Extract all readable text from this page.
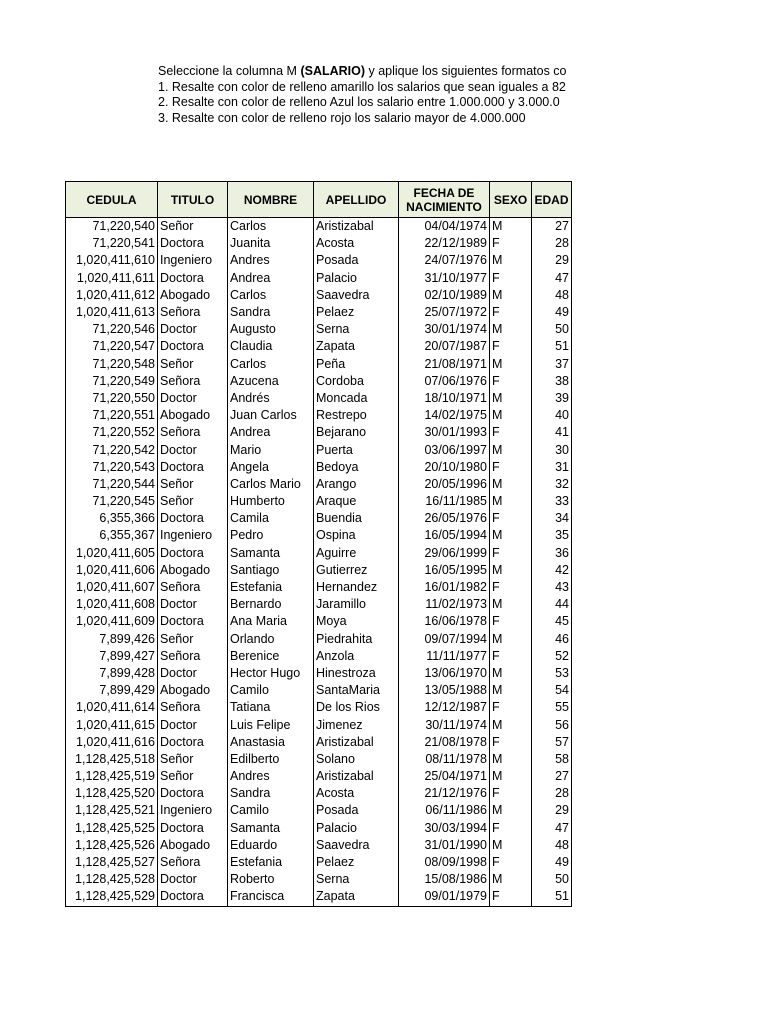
Seleccione la columna M (SALARIO) y aplique los siguientes formatos co
1. Resalte con color de relleno amarillo los salarios que sean iguales a 82
2. Resalte con color de relleno Azul los salario entre 1.000.000 y 3.000.0
3. Resalte con color de relleno rojo los salario mayor de 4.000.000
CEDULA	TITULO	NOMBRE	APELLIDO	FECHA DE NACIMIENTO	SEXO	EDAD
71,220,540	Señor	Carlos	Aristizabal	04/04/1974	M	27
71,220,541	Doctora	Juanita	Acosta	22/12/1989	F	28
1,020,411,610	Ingeniero	Andres	Posada	24/07/1976	M	29
1,020,411,611	Doctora	Andrea	Palacio	31/10/1977	F	47
1,020,411,612	Abogado	Carlos	Saavedra	02/10/1989	M	48
1,020,411,613	Señora	Sandra	Pelaez	25/07/1972	F	49
71,220,546	Doctor	Augusto	Serna	30/01/1974	M	50
71,220,547	Doctora	Claudia	Zapata	20/07/1987	F	51
71,220,548	Señor	Carlos	Peña	21/08/1971	M	37
71,220,549	Señora	Azucena	Cordoba	07/06/1976	F	38
71,220,550	Doctor	Andrés	Moncada	18/10/1971	M	39
71,220,551	Abogado	Juan Carlos	Restrepo	14/02/1975	M	40
71,220,552	Señora	Andrea	Bejarano	30/01/1993	F	41
71,220,542	Doctor	Mario	Puerta	03/06/1997	M	30
71,220,543	Doctora	Angela	Bedoya	20/10/1980	F	31
71,220,544	Señor	Carlos Mario	Arango	20/05/1996	M	32
71,220,545	Señor	Humberto	Araque	16/11/1985	M	33
6,355,366	Doctora	Camila	Buendia	26/05/1976	F	34
6,355,367	Ingeniero	Pedro	Ospina	16/05/1994	M	35
1,020,411,605	Doctora	Samanta	Aguirre	29/06/1999	F	36
1,020,411,606	Abogado	Santiago	Gutierrez	16/05/1995	M	42
1,020,411,607	Señora	Estefania	Hernandez	16/01/1982	F	43
1,020,411,608	Doctor	Bernardo	Jaramillo	11/02/1973	M	44
1,020,411,609	Doctora	Ana Maria	Moya	16/06/1978	F	45
7,899,426	Señor	Orlando	Piedrahita	09/07/1994	M	46
7,899,427	Señora	Berenice	Anzola	11/11/1977	F	52
7,899,428	Doctor	Hector Hugo	Hinestroza	13/06/1970	M	53
7,899,429	Abogado	Camilo	SantaMaria	13/05/1988	M	54
1,020,411,614	Señora	Tatiana	De los Rios	12/12/1987	F	55
1,020,411,615	Doctor	Luis Felipe	Jimenez	30/11/1974	M	56
1,020,411,616	Doctora	Anastasia	Aristizabal	21/08/1978	F	57
1,128,425,518	Señor	Edilberto	Solano	08/11/1978	M	58
1,128,425,519	Señor	Andres	Aristizabal	25/04/1971	M	27
1,128,425,520	Doctora	Sandra	Acosta	21/12/1976	F	28
1,128,425,521	Ingeniero	Camilo	Posada	06/11/1986	M	29
1,128,425,525	Doctora	Samanta	Palacio	30/03/1994	F	47
1,128,425,526	Abogado	Eduardo	Saavedra	31/01/1990	M	48
1,128,425,527	Señora	Estefania	Pelaez	08/09/1998	F	49
1,128,425,528	Doctor	Roberto	Serna	15/08/1986	M	50
1,128,425,529	Doctora	Francisca	Zapata	09/01/1979	F	51
